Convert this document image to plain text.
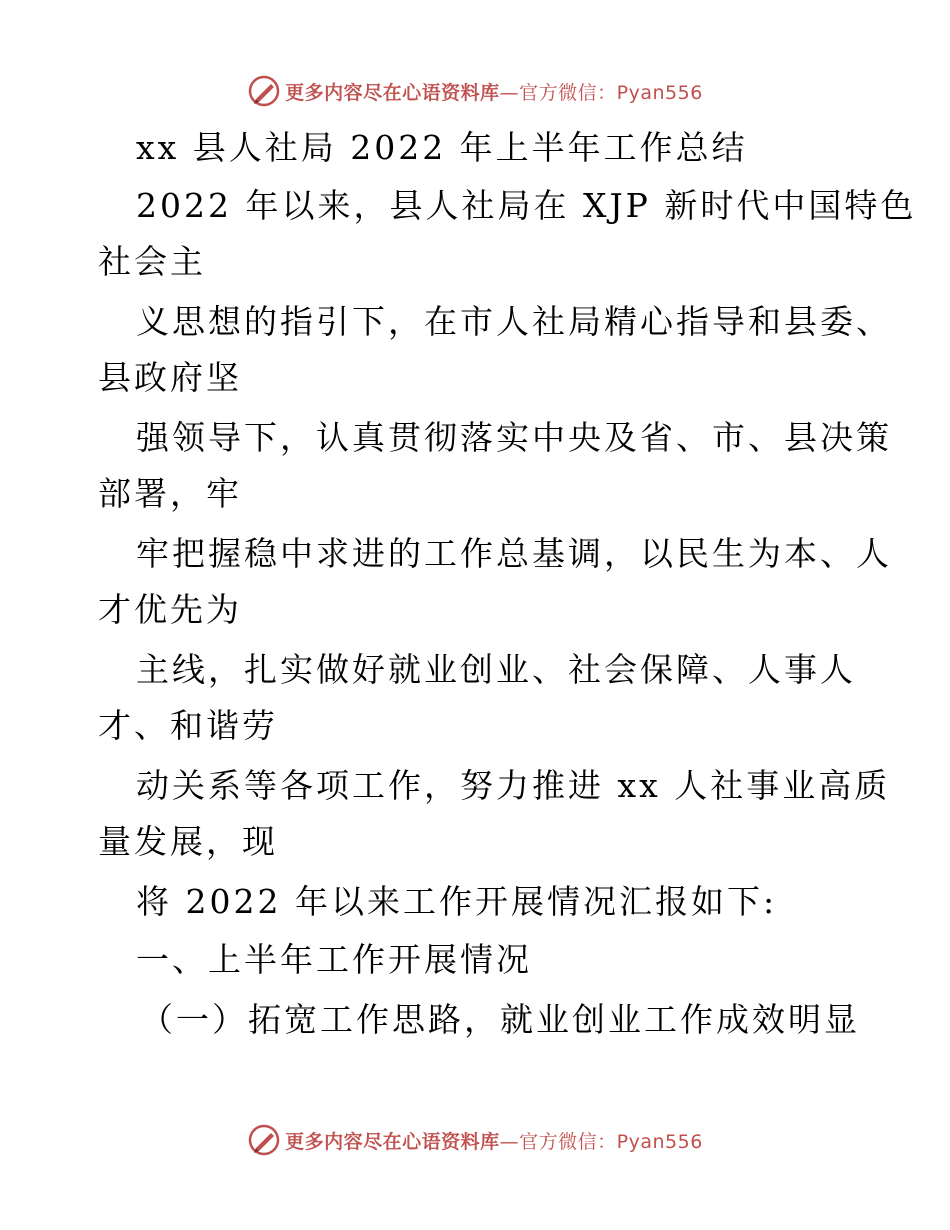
更多内容尽在心语资料库 —官方微信：Pyan556
xx 县人社局 2022 年上半年工作总结
2022 年以来，县人社局在 XJP 新时代中国特色
社会主
义思想的指引下，在市人社局精心指导和县委、
县政府坚
强领导下，认真贯彻落实中央及省、市、县决策
部署，牢
牢把握稳中求进的工作总基调，以民生为本、人
才优先为
主线，扎实做好就业创业、社会保障、人事人
才、和谐劳
动关系等各项工作，努力推进 xx 人社事业高质
量发展，现
将 2022 年以来工作开展情况汇报如下:
一、上半年工作开展情况
（一）拓宽工作思路，就业创业工作成效明显
更多内容尽在心语资料库 —官方微信：Pyan556
